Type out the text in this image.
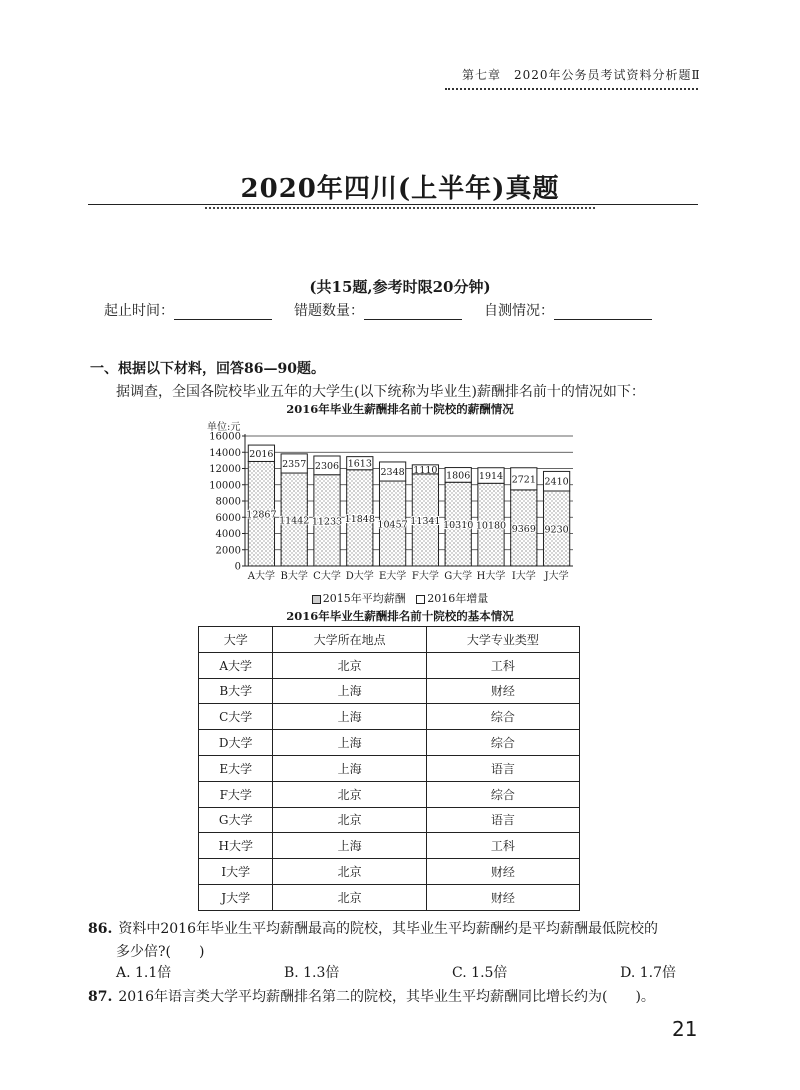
第七章　2020年公务员考试资料分析题Ⅱ
2020年四川(上半年)真题
(共15题,参考时限20分钟)
起止时间：	错题数量：	自测情况：
一、根据以下材料，回答86—90题。
据调查，全国各院校毕业五年的大学生(以下统称为毕业生)薪酬排名前十的情况如下：
2016年毕业生薪酬排名前十院校的薪酬情况
单位:元
0
2000
4000
6000
8000
10000
12000
14000
16000
2016
12867
A大学
2357
11442
B大学
2306
11233
C大学
1613
11848
D大学
2348
10457
E大学
1110
11341
F大学
1806
10310
G大学
1914
10180
H大学
2721
9369
I大学
2410
9230
J大学
2015年平均薪酬 2016年增量
2016年毕业生薪酬排名前十院校的基本情况
大学	大学所在地点	大学专业类型
A大学	北京	工科
B大学	上海	财经
C大学	上海	综合
D大学	上海	综合
E大学	上海	语言
F大学	北京	综合
G大学	北京	语言
H大学	上海	工科
I大学	北京	财经
J大学	北京	财经
86. 资料中2016年毕业生平均薪酬最高的院校，其毕业生平均薪酬约是平均薪酬最低院校的
多少倍?(　　)
A. 1.1倍	B. 1.3倍	C. 1.5倍	D. 1.7倍
87. 2016年语言类大学平均薪酬排名第二的院校，其毕业生平均薪酬同比增长约为(　　)。
21
